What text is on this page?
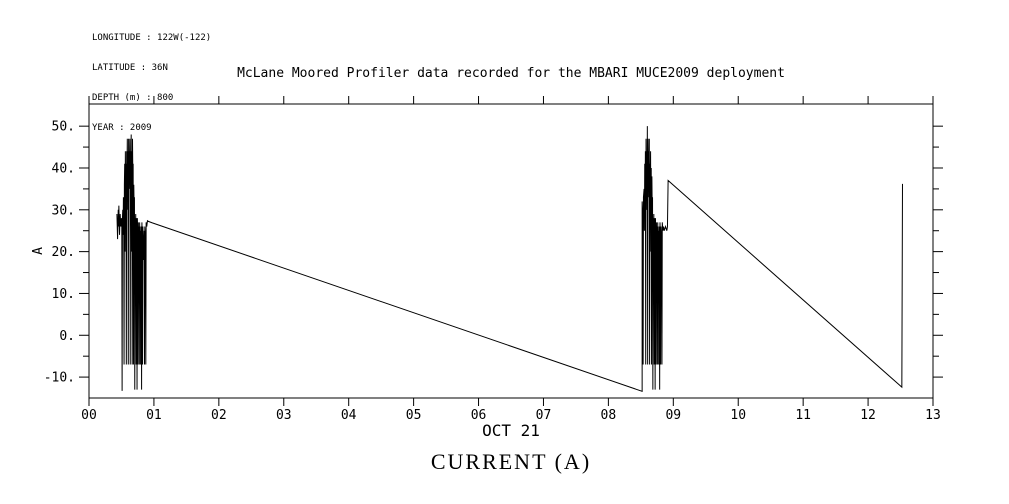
LONGITUDE : 122W(-122)

LATITUDE : 36N

DEPTH (m) : 800

YEAR : 2009

McLane Moored Profiler data recorded for the MBARI MUCE2009 deployment
00	01	02	03	04	05	06	07	08	09	10	11	12	13
-10.
0.
10.
20.
30.
40.
50.
A
OCT 21
CURRENT (A)
